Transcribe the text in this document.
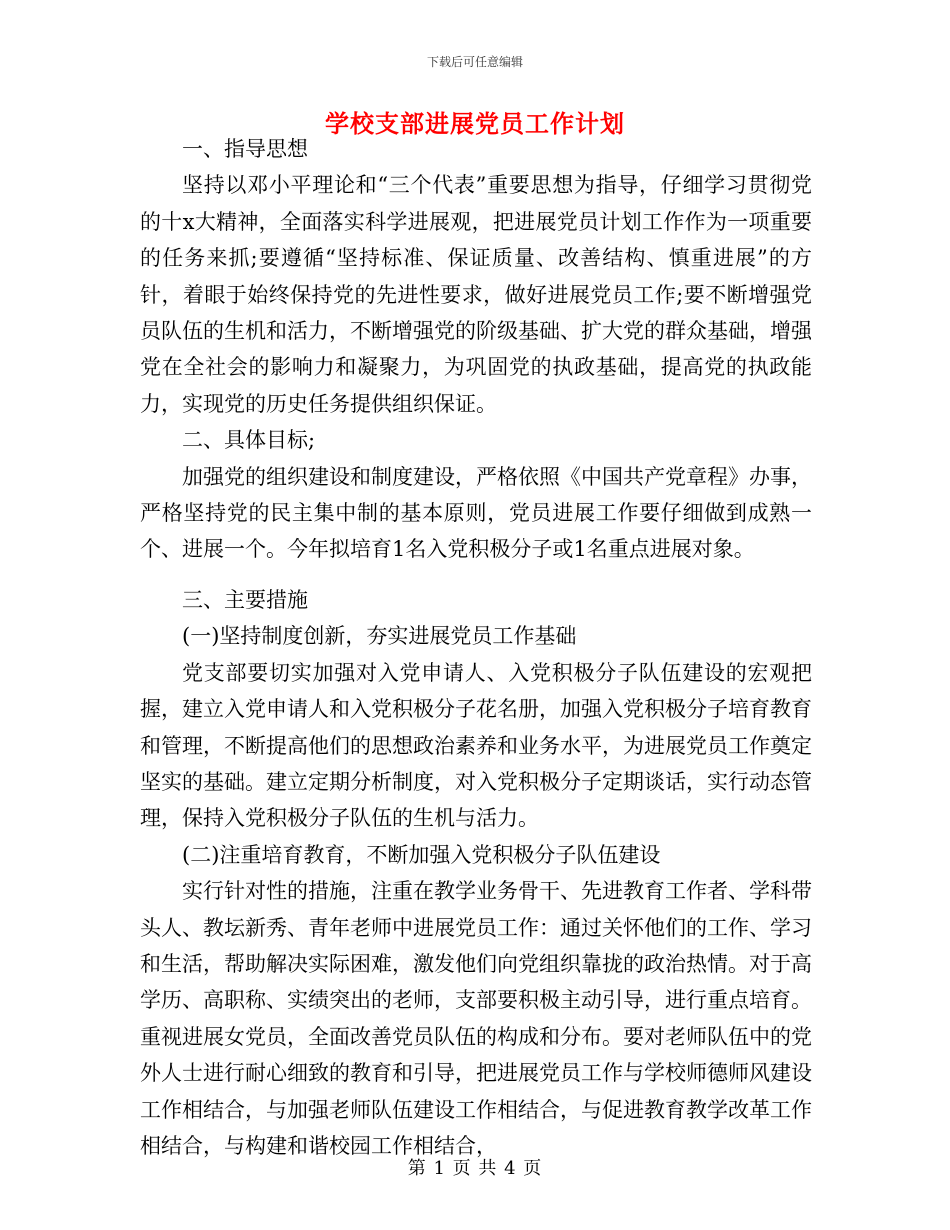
下载后可任意编辑
学校支部进展党员工作计划

一、指导思想

坚持以邓小平理论和“三个代表”重要思想为指导，仔细学习贯彻党的十x大精神，全面落实科学进展观，把进展党员计划工作作为一项重要的任务来抓;要遵循“坚持标准、保证质量、改善结构、慎重进展”的方针，着眼于始终保持党的先进性要求，做好进展党员工作;要不断增强党员队伍的生机和活力，不断增强党的阶级基础、扩大党的群众基础，增强党在全社会的影响力和凝聚力，为巩固党的执政基础，提高党的执政能力，实现党的历史任务提供组织保证。

二、具体目标;

加强党的组织建设和制度建设，严格依照《中国共产党章程》办事，严格坚持党的民主集中制的基本原则，党员进展工作要仔细做到成熟一个、进展一个。今年拟培育1名入党积极分子或1名重点进展对象。

三、主要措施

(一)坚持制度创新，夯实进展党员工作基础

党支部要切实加强对入党申请人、入党积极分子队伍建设的宏观把握，建立入党申请人和入党积极分子花名册，加强入党积极分子培育教育和管理，不断提高他们的思想政治素养和业务水平，为进展党员工作奠定坚实的基础。建立定期分析制度，对入党积极分子定期谈话，实行动态管理，保持入党积极分子队伍的生机与活力。

(二)注重培育教育，不断加强入党积极分子队伍建设

实行针对性的措施，注重在教学业务骨干、先进教育工作者、学科带头人、教坛新秀、青年老师中进展党员工作：通过关怀他们的工作、学习和生活，帮助解决实际困难，激发他们向党组织靠拢的政治热情。对于高学历、高职称、实绩突出的老师，支部要积极主动引导，进行重点培育。重视进展女党员，全面改善党员队伍的构成和分布。要对老师队伍中的党外人士进行耐心细致的教育和引导，把进展党员工作与学校师德师风建设工作相结合，与加强老师队伍建设工作相结合，与促进教育教学改革工作相结合，与构建和谐校园工作相结合，

第 1 页 共 4 页
